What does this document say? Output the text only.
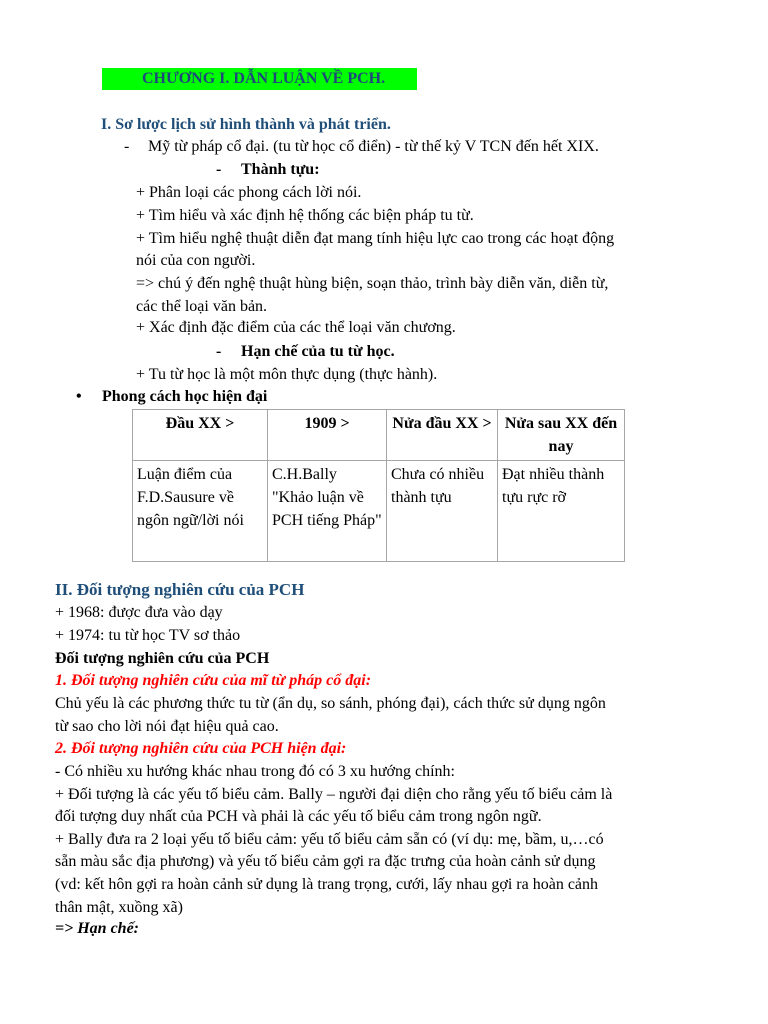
CHƯƠNG I. DẪN LUẬN VỀ PCH.
I. Sơ lược lịch sử hình thành và phát triển.
- Mỹ từ pháp cổ đại. (tu từ học cổ điển) - từ thế kỷ V TCN đến hết XIX.
- Thành tựu:
+ Phân loại các phong cách lời nói.
+ Tìm hiểu và xác định hệ thống các biện pháp tu từ.
+ Tìm hiểu nghệ thuật diễn đạt mang tính hiệu lực cao trong các hoạt động
nói của con người.
=> chú ý đến nghệ thuật hùng biện, soạn thảo, trình bày diễn văn, diễn từ,
các thể loại văn bản.
+ Xác định đặc điểm của các thể loại văn chương.
- Hạn chế của tu từ học.
+ Tu từ học là một môn thực dụng (thực hành).
• Phong cách học hiện đại
Đầu XX >	1909 >	Nửa đầu XX >	Nửa sau XX đến nay
Luận điểm của F.D.Sausure về ngôn ngữ/lời nói	C.H.Bally "Khảo luận về PCH tiếng Pháp"	Chưa có nhiều thành tựu	Đạt nhiều thành tựu rực rỡ
II. Đối tượng nghiên cứu của PCH
+ 1968: được đưa vào dạy
+ 1974: tu từ học TV sơ thảo
Đối tượng nghiên cứu của PCH
1. Đối tượng nghiên cứu của mĩ từ pháp cổ đại:
Chủ yếu là các phương thức tu từ (ẩn dụ, so sánh, phóng đại), cách thức sử dụng ngôn
từ sao cho lời nói đạt hiệu quả cao.
2. Đối tượng nghiên cứu của PCH hiện đại:
- Có nhiều xu hướng khác nhau trong đó có 3 xu hướng chính:
+ Đối tượng là các yếu tố biểu cảm. Bally – người đại diện cho rằng yếu tố biểu cảm là
đối tượng duy nhất của PCH và phải là các yếu tố biểu cảm trong ngôn ngữ.
+ Bally đưa ra 2 loại yếu tố biểu cảm: yếu tố biểu cảm sẵn có (ví dụ: mẹ, bầm, u,…có
sẵn màu sắc địa phương) và yếu tố biểu cảm gợi ra đặc trưng của hoàn cảnh sử dụng
(vd: kết hôn gợi ra hoàn cảnh sử dụng là trang trọng, cưới, lấy nhau gợi ra hoàn cảnh
thân mật, xuồng xã)
=> Hạn chế:
